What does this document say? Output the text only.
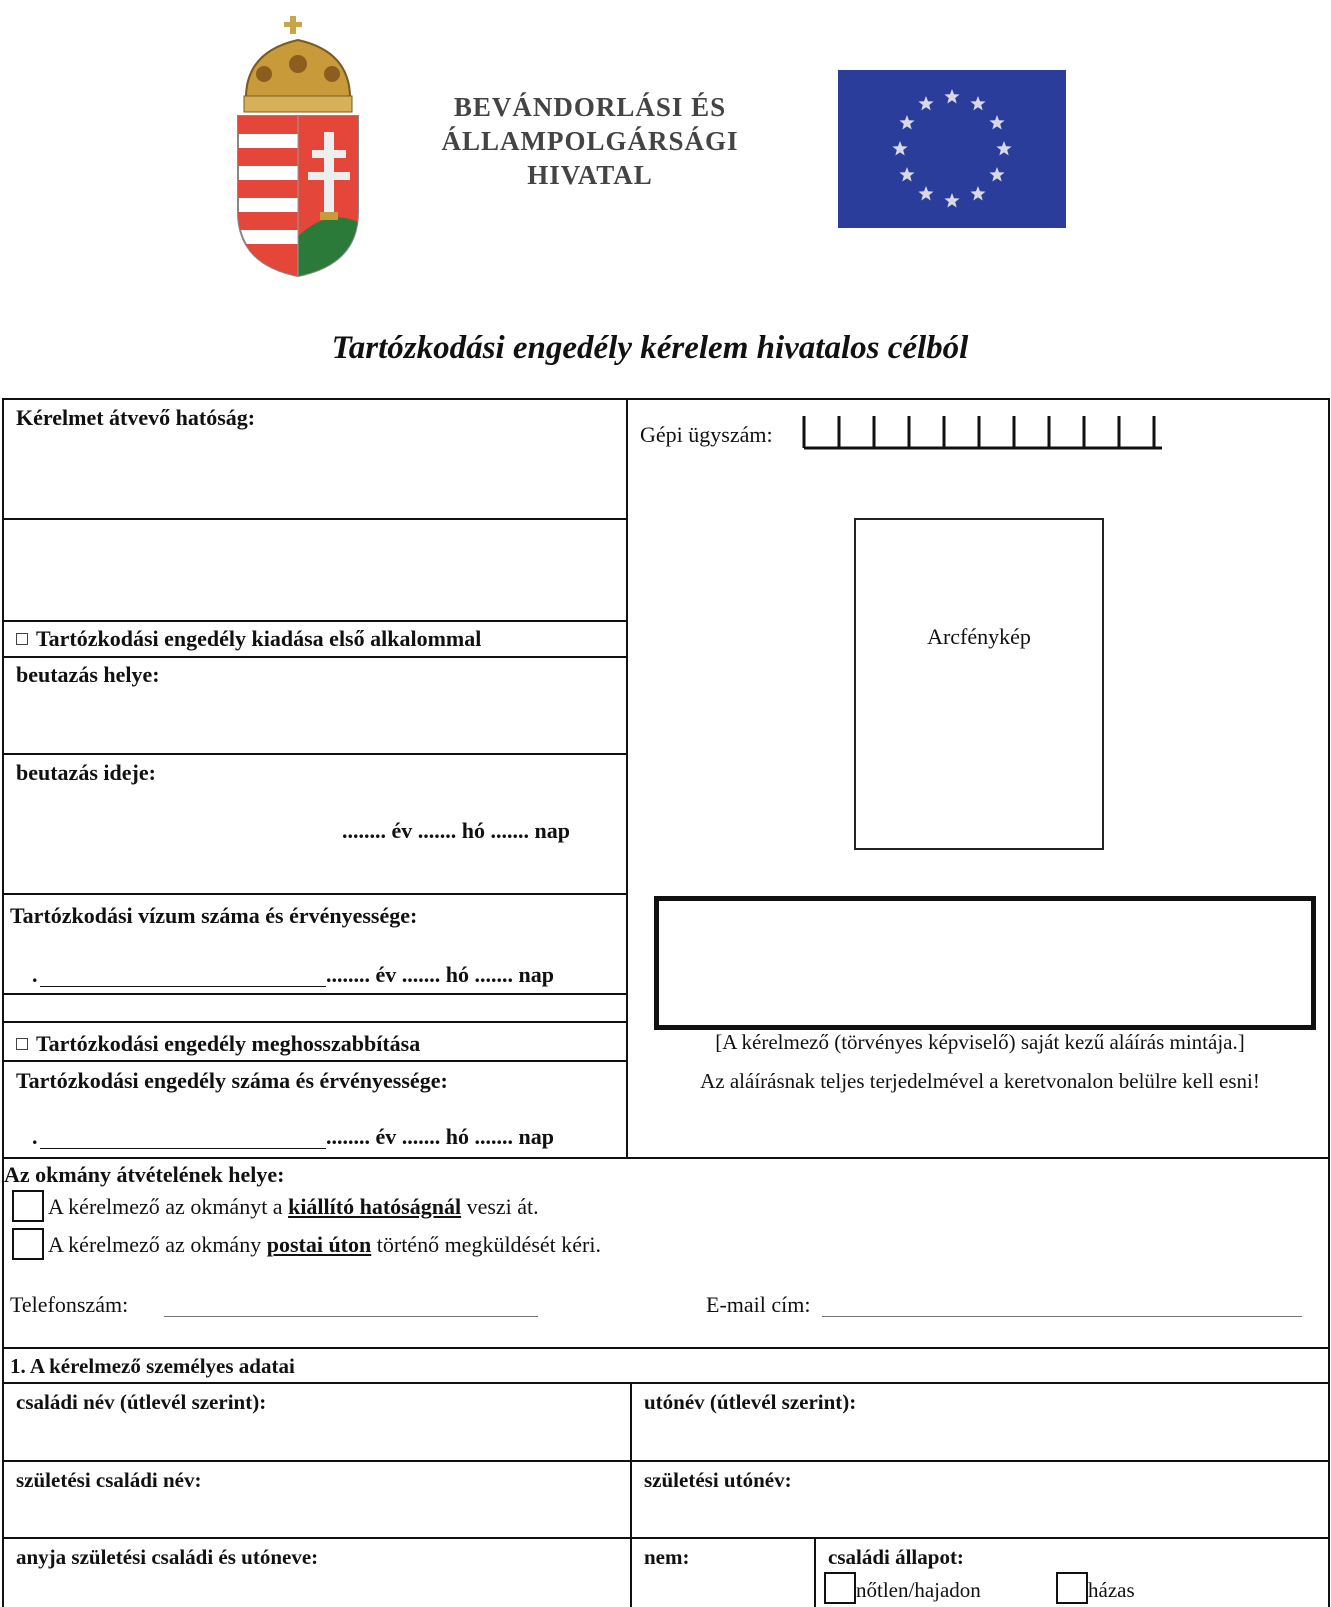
BEVÁNDORLÁSI ÉS
ÁLLAMPOLGÁRSÁGI
HIVATAL
Tartózkodási engedély kérelem hivatalos célból
Kérelmet átvevő hatóság:
Tartózkodási engedély kiadása első alkalommal
beutazás helye:
beutazás ideje:
........ év ....... hó ....... nap
Tartózkodási vízum száma és érvényessége:
.	........ év ....... hó ....... nap
Tartózkodási engedély meghosszabbítása
Tartózkodási engedély száma és érvényessége:
.	........ év ....... hó ....... nap
Gépi ügyszám:
Arcfénykép
[A kérelmező (törvényes képviselő) saját kezű aláírás mintája.]
Az aláírásnak teljes terjedelmével a keretvonalon belülre kell esni!
Az okmány átvételének helye:
A kérelmező az okmányt a kiállító hatóságnál veszi át.
A kérelmező az okmány postai úton történő megküldését kéri.
Telefonszám:	E-mail cím:
1. A kérelmező személyes adatai
családi név (útlevél szerint):	utónév (útlevél szerint):
születési családi név:	születési utónév:
anyja születési családi és utóneve:	nem:	családi állapot:
nőtlen/hajadon	házas
